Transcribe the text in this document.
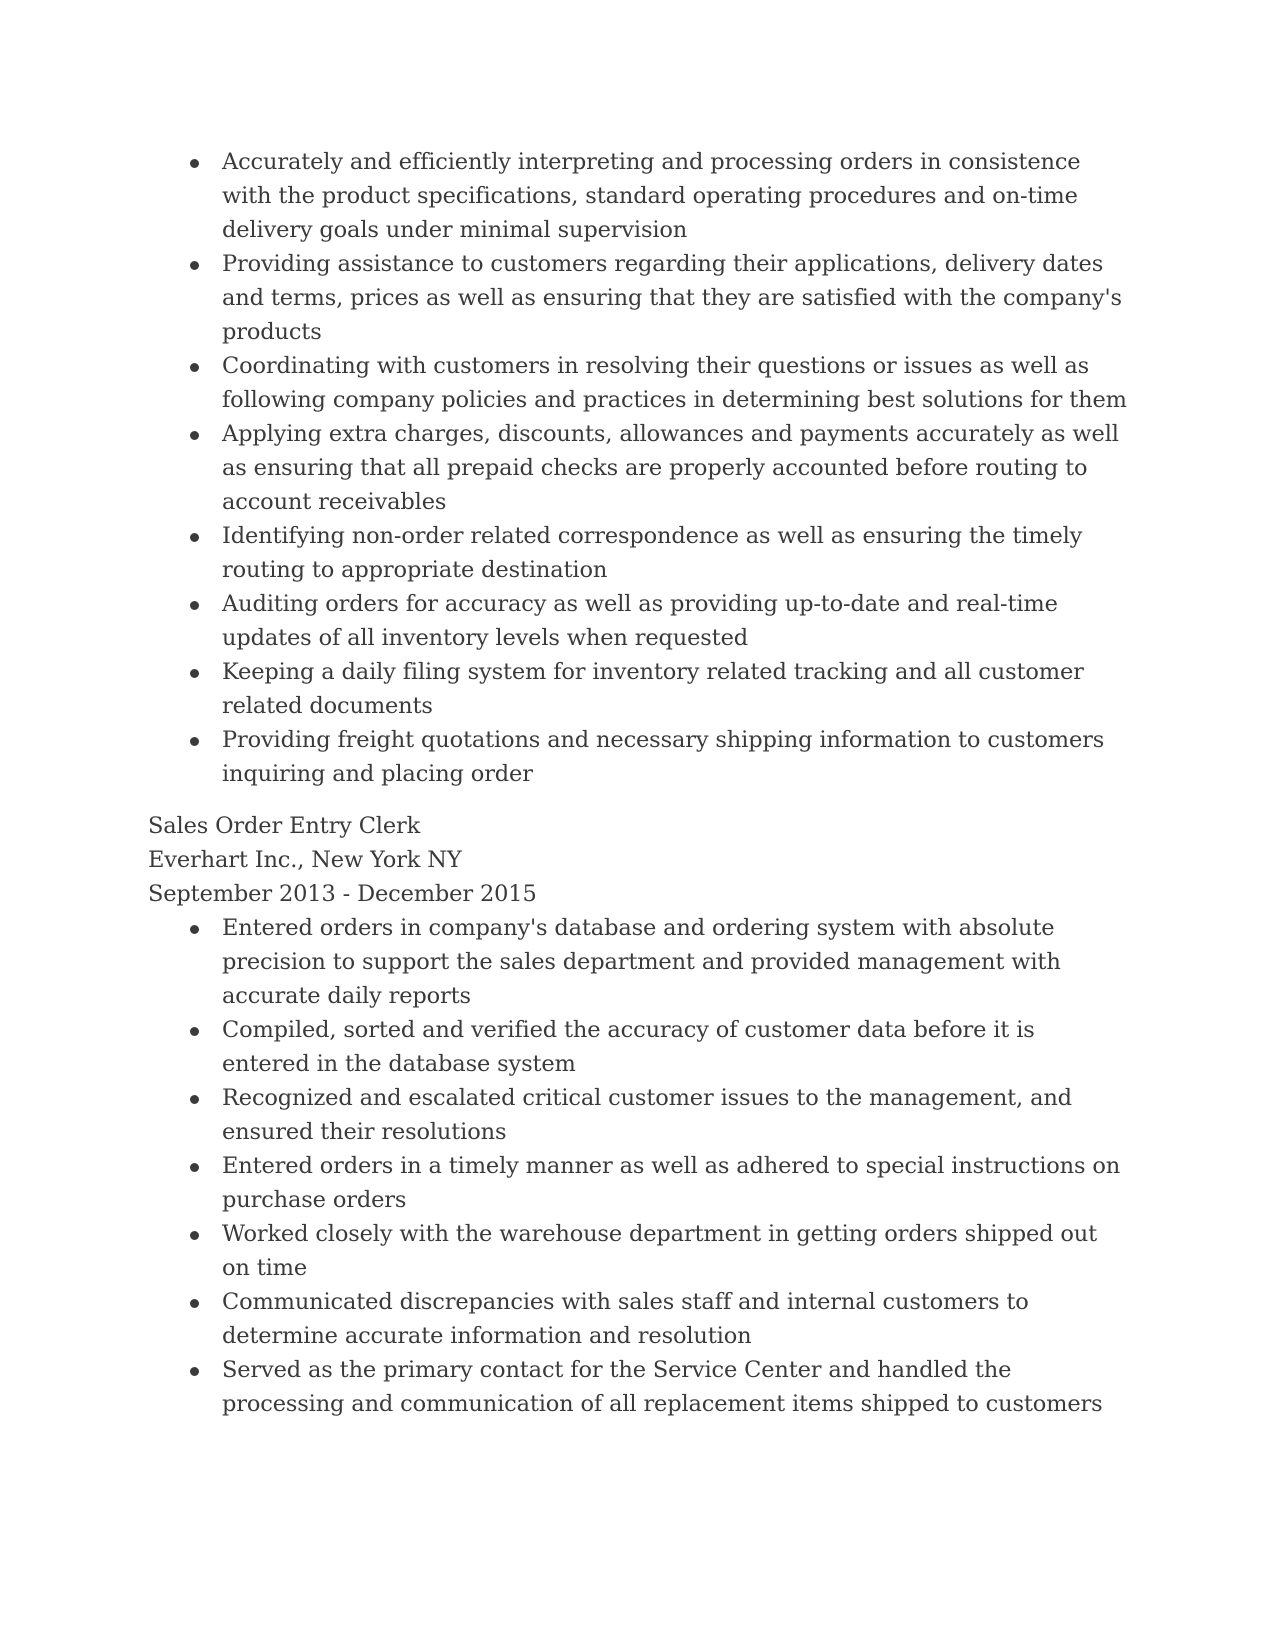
Accurately and efficiently interpreting and processing orders in consistence with the product specifications, standard operating procedures and on-time delivery goals under minimal supervision
Providing assistance to customers regarding their applications, delivery dates and terms, prices as well as ensuring that they are satisfied with the company's products
Coordinating with customers in resolving their questions or issues as well as following company policies and practices in determining best solutions for them
Applying extra charges, discounts, allowances and payments accurately as well as ensuring that all prepaid checks are properly accounted before routing to account receivables
Identifying non-order related correspondence as well as ensuring the timely routing to appropriate destination
Auditing orders for accuracy as well as providing up-to-date and real-time updates of all inventory levels when requested
Keeping a daily filing system for inventory related tracking and all customer related documents
Providing freight quotations and necessary shipping information to customers inquiring and placing order
Sales Order Entry Clerk
Everhart Inc., New York NY
September 2013 - December 2015
Entered orders in company's database and ordering system with absolute precision to support the sales department and provided management with accurate daily reports
Compiled, sorted and verified the accuracy of customer data before it is entered in the database system
Recognized and escalated critical customer issues to the management, and ensured their resolutions
Entered orders in a timely manner as well as adhered to special instructions on purchase orders
Worked closely with the warehouse department in getting orders shipped out on time
Communicated discrepancies with sales staff and internal customers to determine accurate information and resolution
Served as the primary contact for the Service Center and handled the processing and communication of all replacement items shipped to customers
